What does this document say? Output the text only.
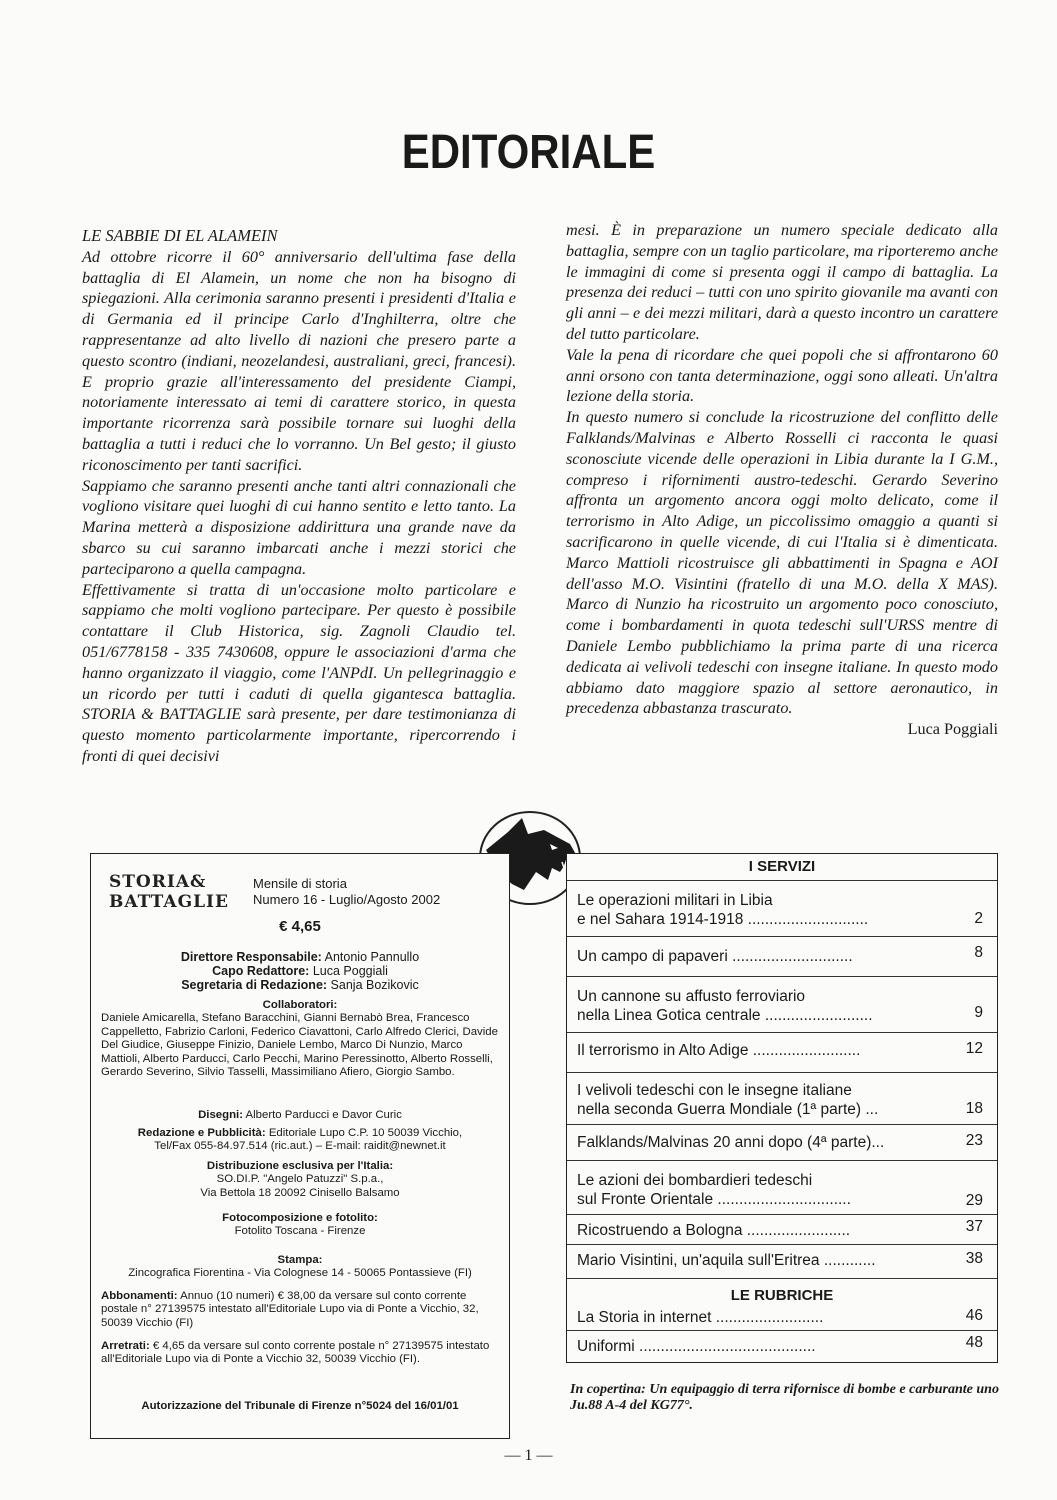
EDITORIALE

LE SABBIE DI EL ALAMEIN

Ad ottobre ricorre il 60° anniversario dell'ultima fase della battaglia di El Alamein, un nome che non ha bisogno di spiegazioni. Alla cerimonia saranno presenti i presidenti d'Italia e di Germania ed il principe Carlo d'Inghilterra, oltre che rappresentanze ad alto livello di nazioni che presero parte a questo scontro (indiani, neozelandesi, australiani, greci, francesi). E proprio grazie all'interessamento del presidente Ciampi, notoriamente interessato ai temi di carattere storico, in questa importante ricorrenza sarà possibile tornare sui luoghi della battaglia a tutti i reduci che lo vorranno. Un Bel gesto; il giusto riconoscimento per tanti sacrifici.

Sappiamo che saranno presenti anche tanti altri connazionali che vogliono visitare quei luoghi di cui hanno sentito e letto tanto. La Marina metterà a disposizione addirittura una grande nave da sbarco su cui saranno imbarcati anche i mezzi storici che parteciparono a quella campagna.

Effettivamente si tratta di un'occasione molto particolare e sappiamo che molti vogliono partecipare. Per questo è possibile contattare il Club Historica, sig. Zagnoli Claudio tel. 051/6778158 - 335 7430608, oppure le associazioni d'arma che hanno organizzato il viaggio, come l'ANPdI. Un pellegrinaggio e un ricordo per tutti i caduti di quella gigantesca battaglia. STORIA & BATTAGLIE sarà presente, per dare testimonianza di questo momento particolarmente importante, ripercorrendo i fronti di quei decisivi

mesi. È in preparazione un numero speciale dedicato alla battaglia, sempre con un taglio particolare, ma riporteremo anche le immagini di come si presenta oggi il campo di battaglia. La presenza dei reduci – tutti con uno spirito giovanile ma avanti con gli anni – e dei mezzi militari, darà a questo incontro un carattere del tutto particolare.

Vale la pena di ricordare che quei popoli che si affrontarono 60 anni orsono con tanta determinazione, oggi sono alleati. Un'altra lezione della storia.

In questo numero si conclude la ricostruzione del conflitto delle Falklands/Malvinas e Alberto Rosselli ci racconta le quasi sconosciute vicende delle operazioni in Libia durante la I G.M., compreso i rifornimenti austro-tedeschi. Gerardo Severino affronta un argomento ancora oggi molto delicato, come il terrorismo in Alto Adige, un piccolissimo omaggio a quanti si sacrificarono in quelle vicende, di cui l'Italia si è dimenticata. Marco Mattioli ricostruisce gli abbattimenti in Spagna e AOI dell'asso M.O. Visintini (fratello di una M.O. della X MAS). Marco di Nunzio ha ricostruito un argomento poco conosciuto, come i bombardamenti in quota tedeschi sull'URSS mentre di Daniele Lembo pubblichiamo la prima parte di una ricerca dedicata ai velivoli tedeschi con insegne italiane. In questo modo abbiamo dato maggiore spazio al settore aeronautico, in precedenza abbastanza trascurato.

Luca Poggiali

STORIA&
BATTAGLIE
Mensile di storia
Numero 16 - Luglio/Agosto 2002
€ 4,65
Direttore Responsabile: Antonio Pannullo
Capo Redattore: Luca Poggiali
Segretaria di Redazione: Sanja Bozikovic
Collaboratori:
Daniele Amicarella, Stefano Baracchini, Gianni Bernabò Brea, Francesco Cappelletto, Fabrizio Carloni, Federico Ciavattoni, Carlo Alfredo Clerici, Davide Del Giudice, Giuseppe Finizio, Daniele Lembo, Marco Di Nunzio, Marco Mattioli, Alberto Parducci, Carlo Pecchi, Marino Peressinotto, Alberto Rosselli, Gerardo Severino, Silvio Tasselli, Massimiliano Afiero, Giorgio Sambo.
Disegni: Alberto Parducci e Davor Curic
Redazione e Pubblicità: Editoriale Lupo C.P. 10 50039 Vicchio, Tel/Fax 055-84.97.514 (ric.aut.) – E-mail: raidit@newnet.it
Distribuzione esclusiva per l'Italia:
SO.DI.P. "Angelo Patuzzi" S.p.a.,
Via Bettola 18 20092 Cinisello Balsamo
Fotocomposizione e fotolito:
Fotolito Toscana - Firenze
Stampa:
Zincografica Fiorentina - Via Colognese 14 - 50065 Pontassieve (FI)
Abbonamenti: Annuo (10 numeri) € 38,00 da versare sul conto corrente postale n° 27139575 intestato all'Editoriale Lupo via di Ponte a Vicchio, 32, 50039 Vicchio (FI)
Arretrati: € 4,65 da versare sul conto corrente postale n° 27139575 intestato all'Editoriale Lupo via di Ponte a Vicchio 32, 50039 Vicchio (FI).
Autorizzazione del Tribunale di Firenze n°5024 del 16/01/01
I SERVIZI
Le operazioni militari in Libia
e nel Sahara 1914-1918 ............................	2
Un campo di papaveri ............................	8
Un cannone su affusto ferroviario
nella Linea Gotica centrale .........................	9
Il terrorismo in Alto Adige .........................	12
I velivoli tedeschi con le insegne italiane
nella seconda Guerra Mondiale (1ª parte) ...	18
Falklands/Malvinas 20 anni dopo (4ª parte)...	23
Le azioni dei bombardieri tedeschi
sul Fronte Orientale ...............................	29
Ricostruendo a Bologna ........................	37
Mario Visintini, un'aquila sull'Eritrea ............	38
LE RUBRICHE
La Storia in internet .........................	46
Uniformi .........................................	48
In copertina: Un equipaggio di terra rifornisce di bombe e carburante uno Ju.88 A-4 del KG77°.
— 1 —
